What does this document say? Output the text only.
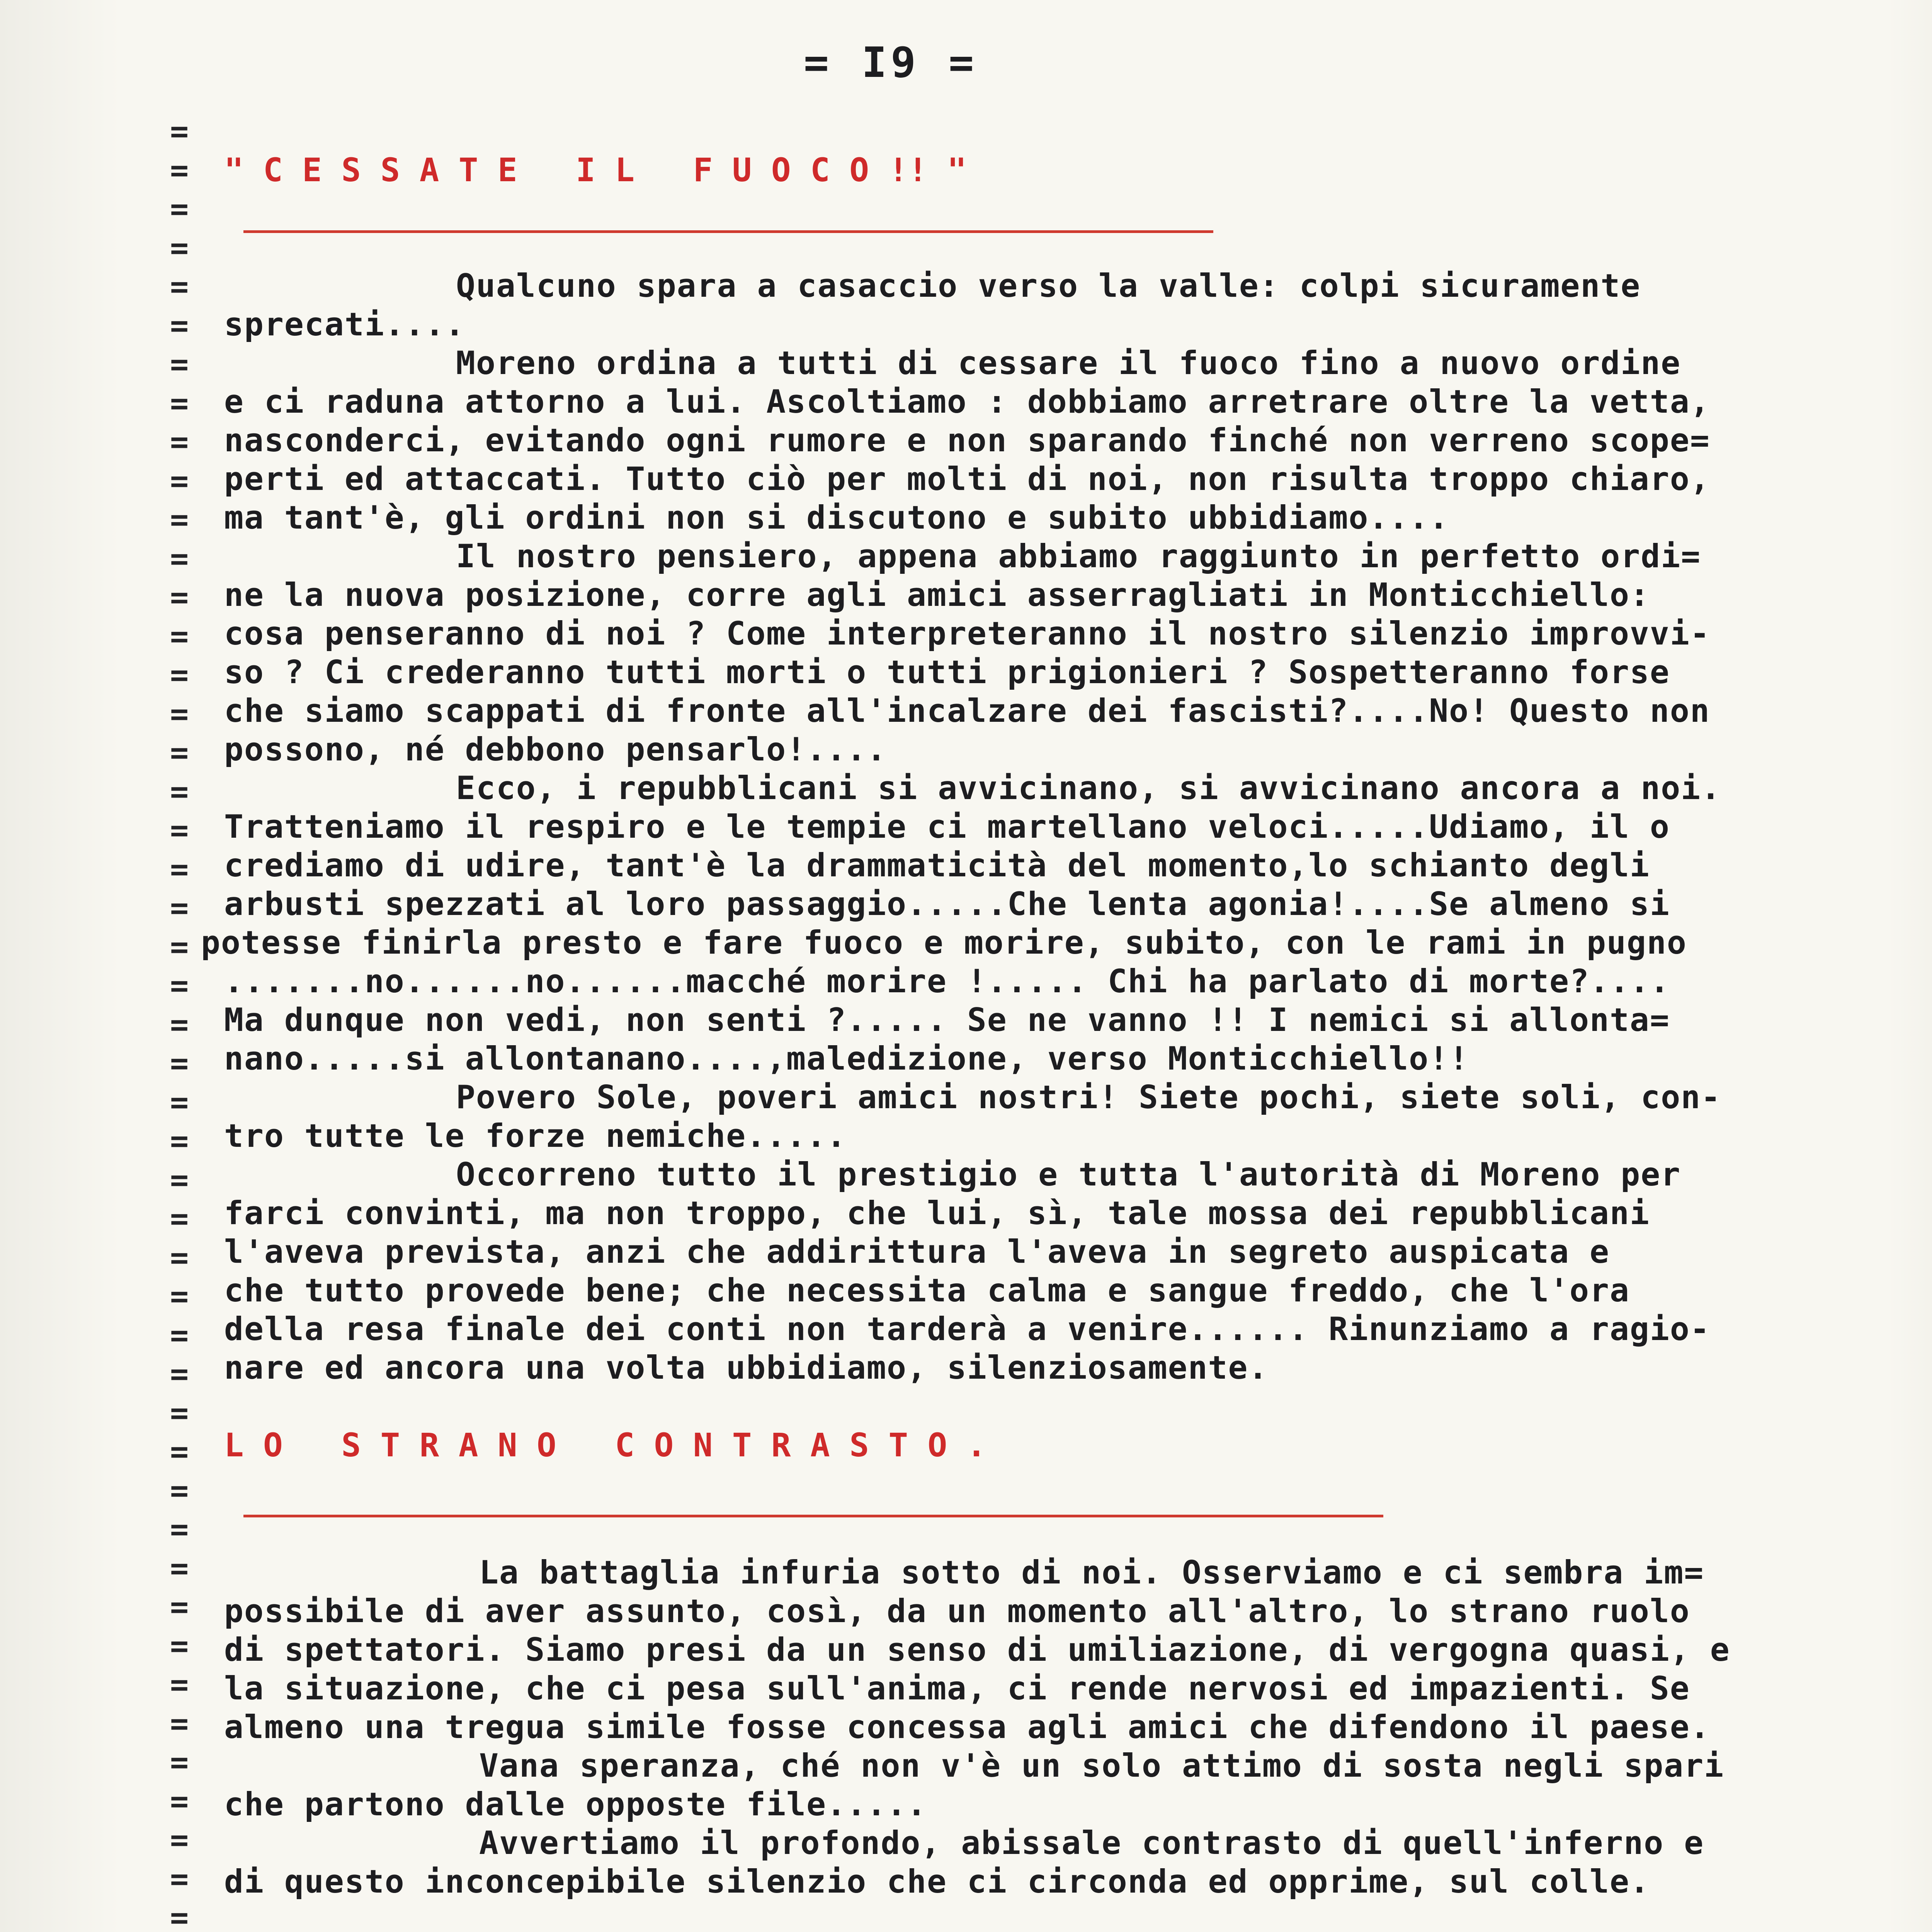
= I9 =
=
=
=
=
=
=
=
=
=
=
=
=
=
=
=
=
=
=
=
=
=
=
=
=
=
=
=
=
=
=
=
=
=
=
=
=
=
=
=
=
=
=
=
=
=
=
=

" C E S S A T E   I L   F U O C O !! "
Qualcuno spara a casaccio verso la valle: colpi sicuramente
sprecati....
Moreno ordina a tutti di cessare il fuoco fino a nuovo ordine
e ci raduna attorno a lui. Ascoltiamo : dobbiamo arretrare oltre la vetta,
nasconderci, evitando ogni rumore e non sparando finché non verreno scope=
perti ed attaccati. Tutto ciò per molti di noi, non risulta troppo chiaro,
ma tant'è, gli ordini non si discutono e subito ubbidiamo....
Il nostro pensiero, appena abbiamo raggiunto in perfetto ordi=
ne la nuova posizione, corre agli amici asserragliati in Monticchiello:
cosa penseranno di noi ? Come interpreteranno il nostro silenzio improvvi-
so ? Ci crederanno tutti morti o tutti prigionieri ? Sospetteranno forse
che siamo scappati di fronte all'incalzare dei fascisti?....No! Questo non
possono, né debbono pensarlo!....
Ecco, i repubblicani si avvicinano, si avvicinano ancora a noi.
Tratteniamo il respiro e le tempie ci martellano veloci.....Udiamo, il o
crediamo di udire, tant'è la drammaticità del momento,lo schianto degli
arbusti spezzati al loro passaggio.....Che lenta agonia!....Se almeno si
potesse finirla presto e fare fuoco e morire, subito, con le rami in pugno
.......no......no......macché morire !..... Chi ha parlato di morte?....
Ma dunque non vedi, non senti ?..... Se ne vanno !! I nemici si allonta=
nano.....si allontanano....,maledizione, verso Monticchiello!!
Povero Sole, poveri amici nostri! Siete pochi, siete soli, con-
tro tutte le forze nemiche.....
Occorreno tutto il prestigio e tutta l'autorità di Moreno per
farci convinti, ma non troppo, che lui, sì, tale mossa dei repubblicani
l'aveva prevista, anzi che addirittura l'aveva in segreto auspicata e
che tutto provede bene; che necessita calma e sangue freddo, che l'ora
della resa finale dei conti non tarderà a venire...... Rinunziamo a ragio-
nare ed ancora una volta ubbidiamo, silenziosamente.
L O   S T R A N O   C O N T R A S T O .
La battaglia infuria sotto di noi. Osserviamo e ci sembra im=
possibile di aver assunto, così, da un momento all'altro, lo strano ruolo
di spettatori. Siamo presi da un senso di umiliazione, di vergogna quasi, e
la situazione, che ci pesa sull'anima, ci rende nervosi ed impazienti. Se
almeno una tregua simile fosse concessa agli amici che difendono il paese.
Vana speranza, ché non v'è un solo attimo di sosta negli spari
che partono dalle opposte file.....
Avvertiamo il profondo, abissale contrasto di quell'inferno e
di questo inconcepibile silenzio che ci circonda ed opprime, sul colle.
